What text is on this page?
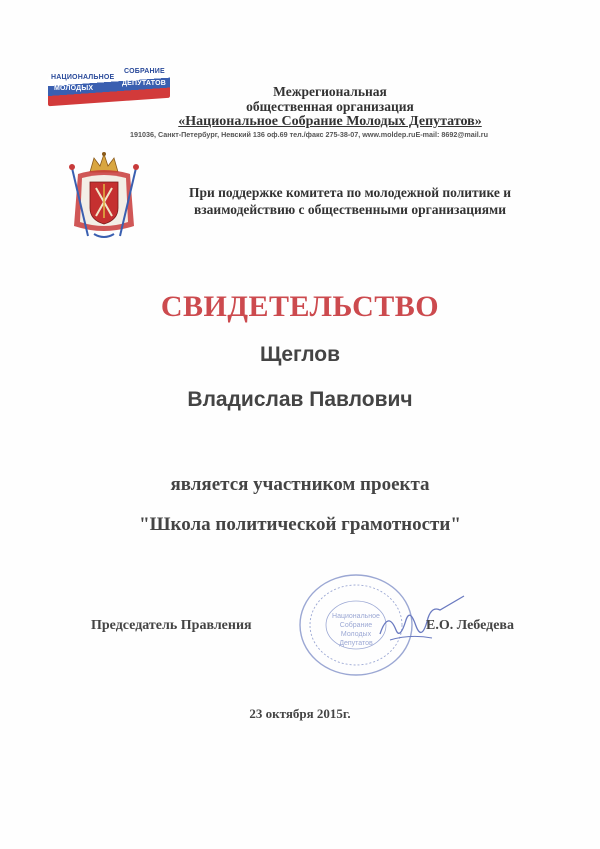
НАЦИОНАЛЬНОЕ
МОЛОДЫХ
СОБРАНИЕ
ДЕПУТАТОВ
Межрегиональная
общественная организация
«Национальное Собрание Молодых Депутатов»
191036, Санкт-Петербург, Невский 136 оф.69 тел./факс 275-38-07, www.moldep.ruE-mail: 8692@mail.ru
При поддержке комитета по молодежной политике и
взаимодействию с общественными организациями
СВИДЕТЕЛЬСТВО
Щеглов
Владислав Павлович
является участником проекта
"Школа политической грамотности"
Национальное
Собрание
Молодых
Депутатов
Председатель Правления	Е.О. Лебедева
23 октября 2015г.
